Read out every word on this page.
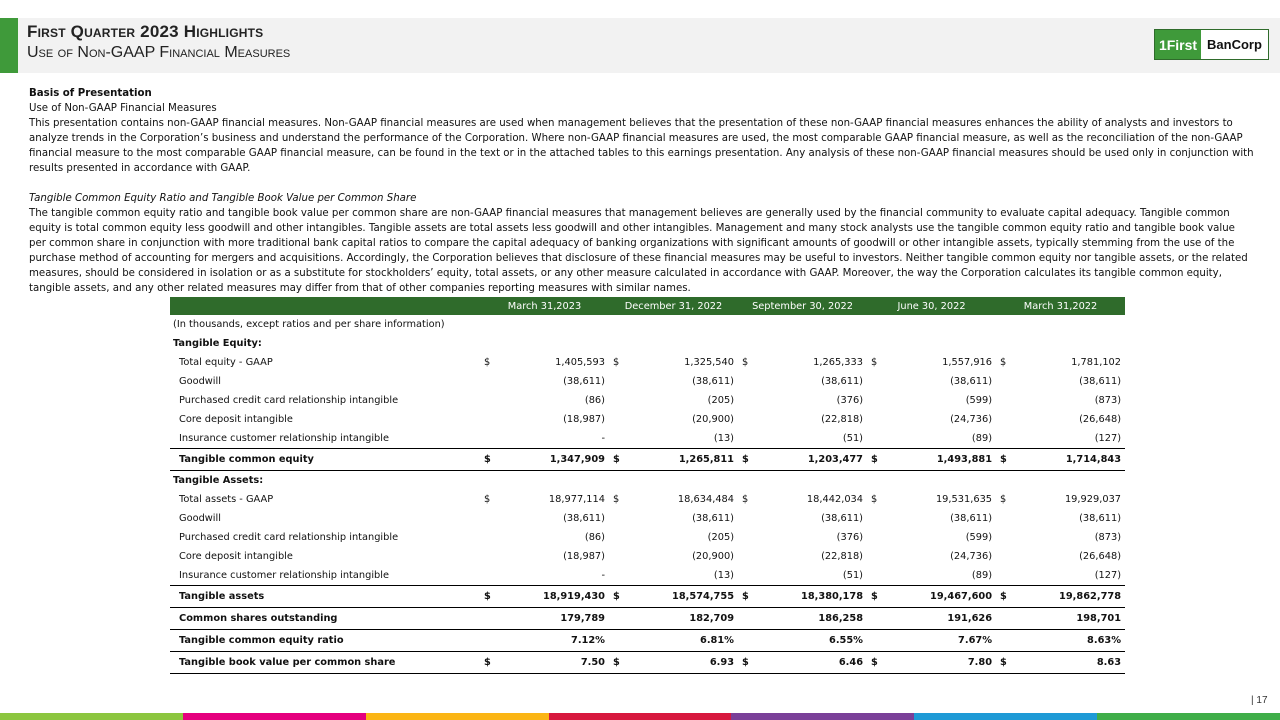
First Quarter 2023 Highlights
Use of Non-GAAP Financial Measures	1First BanCorp

Basis of Presentation

Use of Non-GAAP Financial Measures

This presentation contains non-GAAP financial measures. Non-GAAP financial measures are used when management believes that the presentation of these non-GAAP financial measures enhances the ability of analysts and investors to analyze trends in the Corporation’s business and understand the performance of the Corporation. Where non-GAAP financial measures are used, the most comparable GAAP financial measure, as well as the reconciliation of the non-GAAP financial measure to the most comparable GAAP financial measure, can be found in the text or in the attached tables to this earnings presentation. Any analysis of these non-GAAP financial measures should be used only in conjunction with results presented in accordance with GAAP.

Tangible Common Equity Ratio and Tangible Book Value per Common Share

The tangible common equity ratio and tangible book value per common share are non-GAAP financial measures that management believes are generally used by the financial community to evaluate capital adequacy. Tangible common equity is total common equity less goodwill and other intangibles. Tangible assets are total assets less goodwill and other intangibles. Management and many stock analysts use the tangible common equity ratio and tangible book value per common share in conjunction with more traditional bank capital ratios to compare the capital adequacy of banking organizations with significant amounts of goodwill or other intangible assets, typically stemming from the use of the purchase method of accounting for mergers and acquisitions. Accordingly, the Corporation believes that disclosure of these financial measures may be useful to investors. Neither tangible common equity nor tangible assets, or the related measures, should be considered in isolation or as a substitute for stockholders’ equity, total assets, or any other measure calculated in accordance with GAAP. Moreover, the way the Corporation calculates its tangible common equity, tangible assets, and any other related measures may differ from that of other companies reporting measures with similar names.

	March 31,2023		December 31, 2022		September 30, 2022		June 30, 2022		March 31,2022	
(In thousands, except ratios and per share information)										
Tangible Equity:										
Total equity - GAAP	$	1,405,593	$	1,325,540	$	1,265,333	$	1,557,916	$	1,781,102
Goodwill		(38,611)		(38,611)		(38,611)		(38,611)		(38,611)
Purchased credit card relationship intangible		(86)		(205)		(376)		(599)		(873)
Core deposit intangible		(18,987)		(20,900)		(22,818)		(24,736)		(26,648)
Insurance customer relationship intangible		-		(13)		(51)		(89)		(127)
Tangible common equity	$	1,347,909	$	1,265,811	$	1,203,477	$	1,493,881	$	1,714,843
Tangible Assets:										
Total assets - GAAP	$	18,977,114	$	18,634,484	$	18,442,034	$	19,531,635	$	19,929,037
Goodwill		(38,611)		(38,611)		(38,611)		(38,611)		(38,611)
Purchased credit card relationship intangible		(86)		(205)		(376)		(599)		(873)
Core deposit intangible		(18,987)		(20,900)		(22,818)		(24,736)		(26,648)
Insurance customer relationship intangible		-		(13)		(51)		(89)		(127)
Tangible assets	$	18,919,430	$	18,574,755	$	18,380,178	$	19,467,600	$	19,862,778
Common shares outstanding		179,789		182,709		186,258		191,626		198,701
Tangible common equity ratio		7.12%		6.81%		6.55%		7.67%		8.63%
Tangible book value per common share	$	7.50	$	6.93	$	6.46	$	7.80	$	8.63
| 17
